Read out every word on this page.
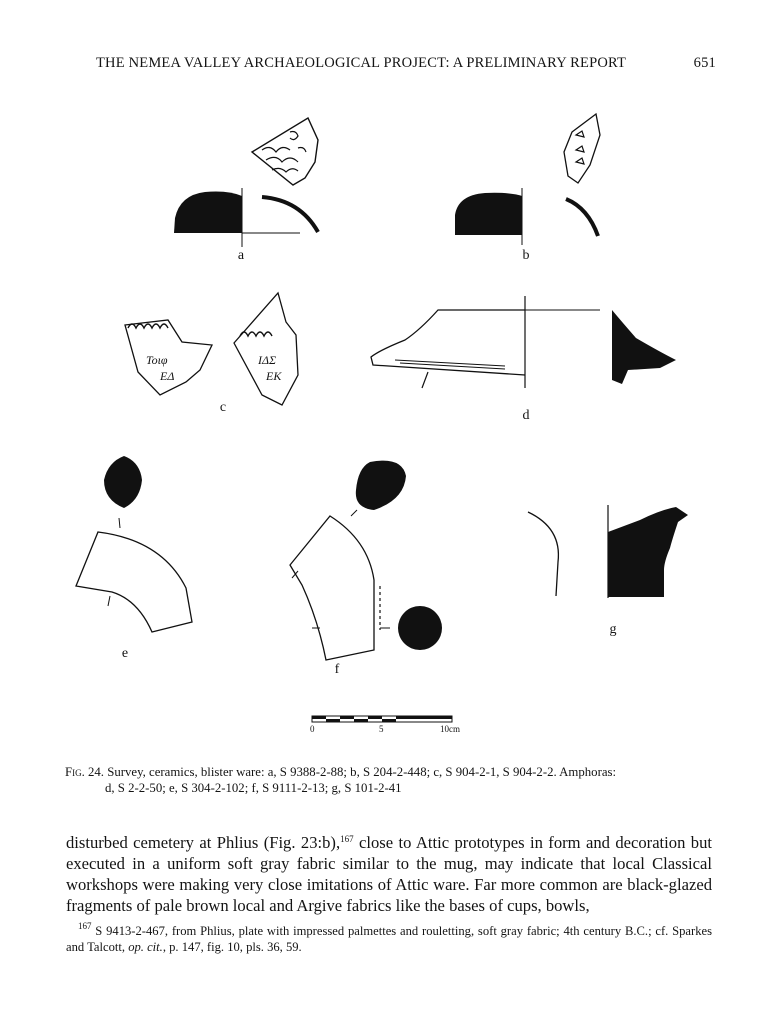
THE NEMEA VALLEY ARCHAEOLOGICAL PROJECT: A PRELIMINARY REPORT	651
Τοιφ
ΕΔ
ΙΔΣ
ΕΚ
a	b
c
d
e
f
g
0	5	10cm
Fig. 24. Survey, ceramics, blister ware: a, S 9388-2-88; b, S 204-2-448; c, S 904-2-1, S 904-2-2. Amphoras:
d, S 2-2-50; e, S 304-2-102; f, S 9111-2-13; g, S 101-2-41

disturbed cemetery at Phlius (Fig. 23:b),$^{167}$ close to Attic prototypes in form and decoration but executed in a uniform soft gray fabric similar to the mug, may indicate that local Classical workshops were making very close imitations of Attic ware. Far more common are black-glazed fragments of pale brown local and Argive fabrics like the bases of cups, bowls,

$^{167}$ S 9413-2-467, from Phlius, plate with impressed palmettes and rouletting, soft gray fabric; 4th century B.C.; cf. Sparkes and Talcott, op. cit., p. 147, fig. 10, pls. 36, 59.
